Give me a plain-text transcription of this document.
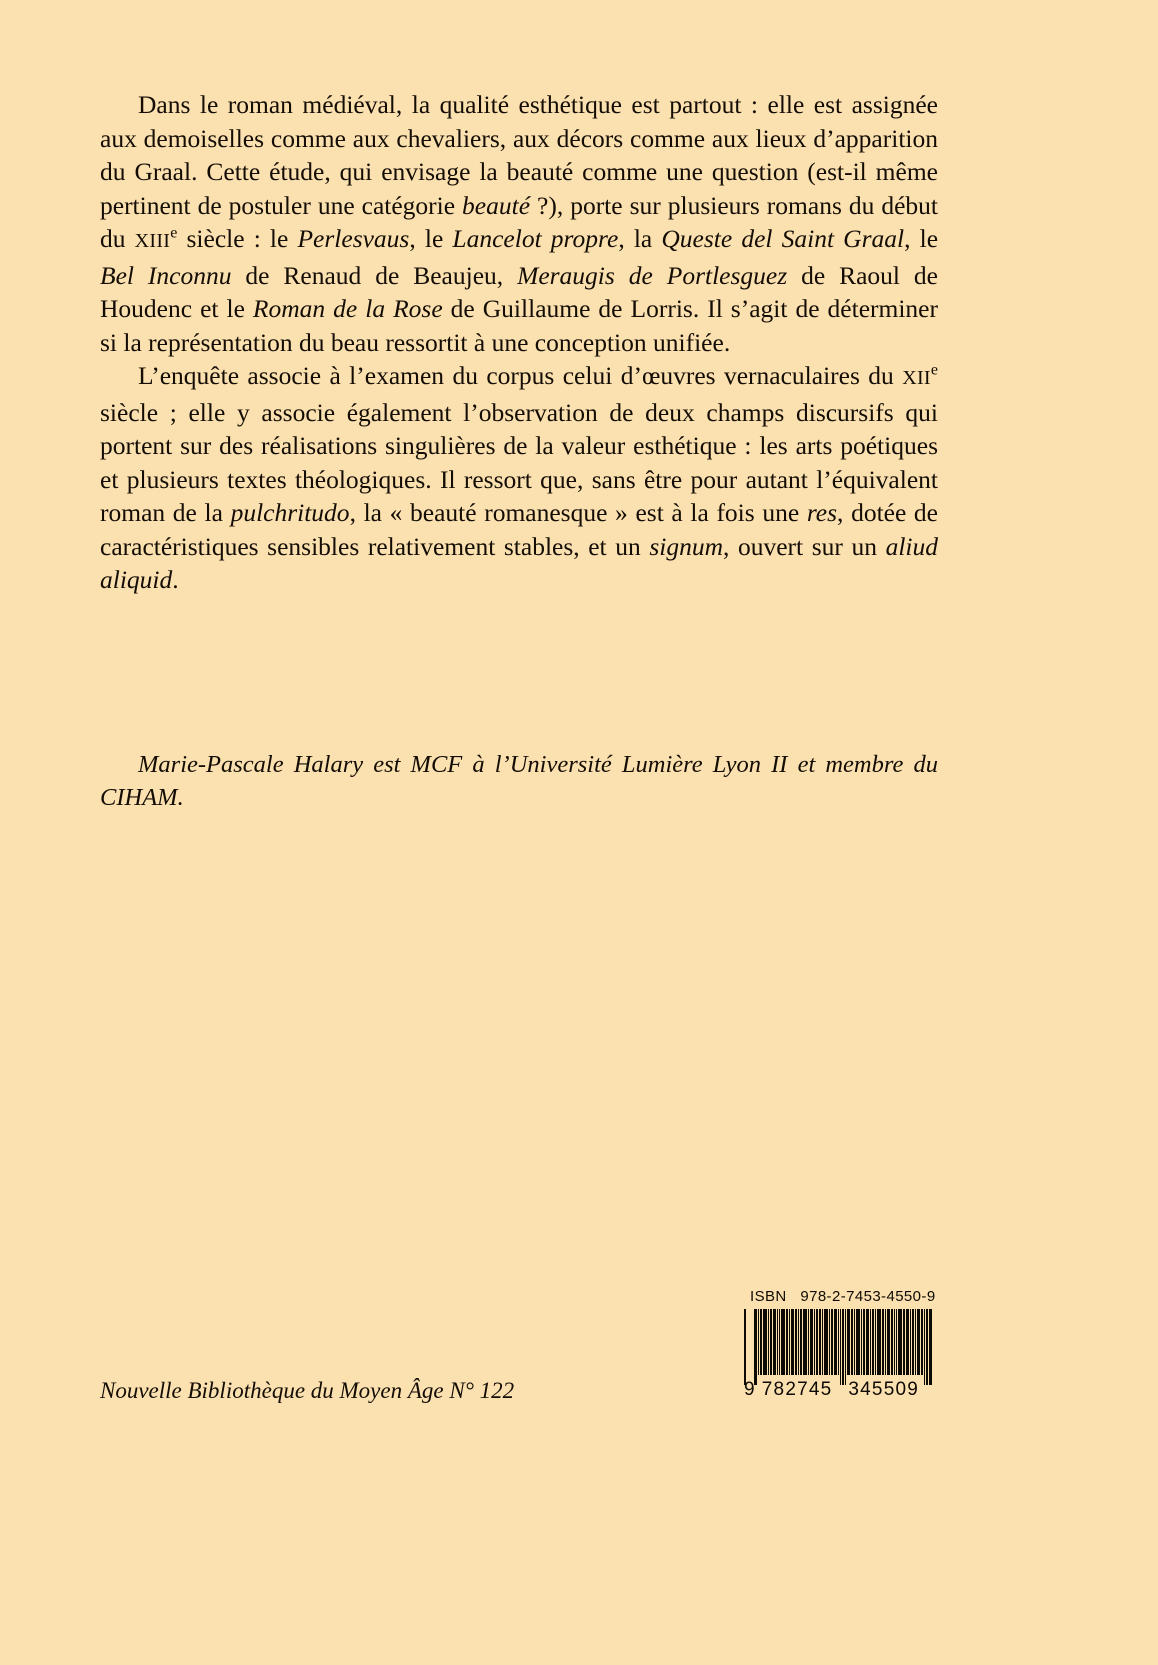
Dans le roman médiéval, la qualité esthétique est partout : elle est assignée aux demoiselles comme aux chevaliers, aux décors comme aux lieux d’apparition du Graal. Cette étude, qui envisage la beauté comme une question (est-il même pertinent de postuler une catégorie beauté ?), porte sur plusieurs romans du début du XIIIe siècle : le Perlesvaus, le Lancelot propre, la Queste del Saint Graal, le Bel Inconnu de Renaud de Beaujeu, Meraugis de Portlesguez de Raoul de Houdenc et le Roman de la Rose de Guillaume de Lorris. Il s’agit de déterminer si la représentation du beau ressortit à une conception unifiée.

L’enquête associe à l’examen du corpus celui d’œuvres vernaculaires du XIIe siècle ; elle y associe également l’observation de deux champs discursifs qui portent sur des réalisations singulières de la valeur esthétique : les arts poétiques et plusieurs textes théologiques. Il ressort que, sans être pour autant l’équivalent roman de la pulchritudo, la « beauté romanesque » est à la fois une res, dotée de caractéristiques sensibles relativement stables, et un signum, ouvert sur un aliud aliquid.

Marie-Pascale Halary est MCF à l’Université Lumière Lyon II et membre du CIHAM.

Nouvelle Bibliothèque du Moyen Âge N° 122
ISBN 978-2-7453-4550-9
9 782745 345509
